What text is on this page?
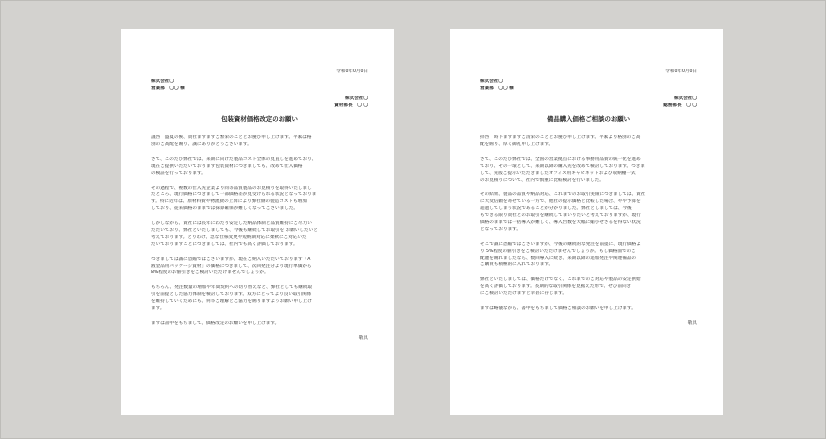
令和0年0月0日
株式会社〇
営業部　〇〇 様
株式会社〇
資材部長　〇 〇
包装資材価格改定のお願い
謹啓　盛夏の候、貴社ますますご繁栄のこととお慶び申し上げます。平素は格
別のご高配を賜り、誠にありがとうございます。
さて、このたび弊社では、来期に向けた製品コスト全体の見直しを進めており、
現在ご提供いただいております包装資材につきましても、改めて仕入価格
の検証を行っております。
その過程で、複数の仕入先企業より同等品質製品のお見積りを取得いたしまし
たところ、現行価格につきまして一部価格差が見受けられる状況となっておりま
す。特に近年は、原材料費や物流費の上昇により弊社側の製造コストも増加
しており、従来価格のままでは採算確保が難しくなってございました。
しかしながら、貴社には長年にわたり安定した納品体制と品質維持にご尽力い
ただいており、弊社といたしましても、今後も継続してお取引を お願いしたいと
考えております。とりわけ、急な仕様変更や短納期対応に柔軟にご対応いた
だいておりますことにつきましては、社内でも高く評価しております。
つきましては誠に恐縮ではございますが、現在ご納入いただいております「A
液金品用パッケージ資材」の価格につきまして、次回発注分より現行単価から
8%程度のお値引きをご検討いただけませんでしょうか。
もちろん、発注数量の増加や年間契約への切り替えなど、弊社としても継続取
引を前提とした協力体制を検討しております。双方にとってより良い取引関係
を維持していくためにも、何卒ご理解とご協力を賜りますようお願い申し上げ
ます。
まずは書中をもちまして、価格改定のお願いを申し上げます。
敬具
令和0年0月0日
株式会社〇
営業部　〇〇 様
株式会社〇
総務部長　〇 〇
備品購入価格ご相談のお願い
拝啓　時下ますますご清栄のこととお慶び申し上げます。平素より格別のご高
配を賜り、厚く御礼申し上げます。
さて、このたび弊社では、全国の営業拠点における事務用品費の統一化を進め
ており、その一環として、来期以降の購入先を改めて検討しております。つきま
して、先般ご提示いただきましたオフィス用キャビネットおよび収納棚一式
のお見積りについて、社内で慎重に比較検討を行いました。
その結果、製品の品質や納品対応、これまでのお取引実績につきましては、貴社
に大変信頼を寄せている一方で、他社の提示価格と比較した場合、やや予算を
超過してしまう状況であることが分かりました。弊社としましては、今後
もできる限り貴社とのお取引を継続してまいりたいと考えておりますが、現行
価格のままでは一括導入が難しく、導入台数を大幅に縮小せざるを得ない状況
となっております。
そこで誠に恐縮ではございますが、今後の継続的な発注を前提に、現行価格よ
り 5%程度の値引きをご検討いただけませんでしょうか。もし価格面でのご
配慮を賜れましたなら、数回導入に続き、来期以降の追加発注や関連備品の
ご購買も積極的に入れております。
弊社といたしましては、価格だけでなく、これまでのご対応や製品の安定供給
を高く評価しております。長期的な取引関係を見据えた形で、ぜひ前向き
にご検討いただけますと幸甚に存じます。
まずは略儀ながら、書中をもちまして価格ご相談のお願いを申し上げます。
敬具
